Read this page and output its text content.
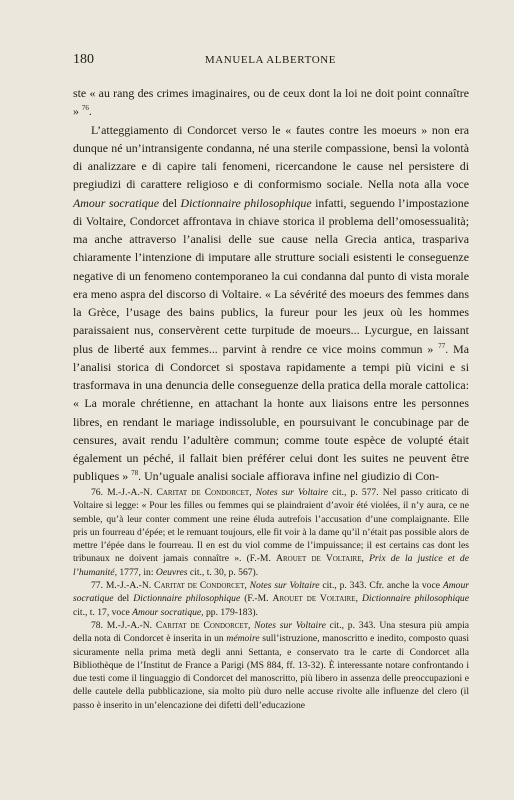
180	MANUELA ALBERTONE

ste « au rang des crimes imaginaires, ou de ceux dont la loi ne doit point connaître » $^{76}$.

L’atteggiamento di Condorcet verso le « fautes contre les moeurs » non era dunque né un’intransigente condanna, né una sterile compassione, bensì la volontà di analizzare e di capire tali fenomeni, ricercandone le cause nel persistere di pregiudizi di carattere religioso e di conformismo sociale. Nella nota alla voce Amour socratique del Dictionnaire philosophique infatti, seguendo l’impostazione di Voltaire, Condorcet affrontava in chiave storica il problema dell’omosessualità; ma anche attraverso l’analisi delle sue cause nella Grecia antica, traspariva chiaramente l’intenzione di imputare alle strutture sociali esistenti le conseguenze negative di un fenomeno contemporaneo la cui condanna dal punto di vista morale era meno aspra del discorso di Voltaire. « La sévérité des moeurs des femmes dans la Grèce, l’usage des bains publics, la fureur pour les jeux où les hommes paraissaient nus, conservèrent cette turpitude de moeurs... Lycurgue, en laissant plus de liberté aux femmes... parvint à rendre ce vice moins commun » $^{77}$. Ma l’analisi storica di Condorcet si spostava rapidamente a tempi più vicini e si trasformava in una denuncia delle conseguenze della pratica della morale cattolica: « La morale chrétienne, en attachant la honte aux liaisons entre les personnes libres, en rendant le mariage indissoluble, en poursuivant le concubinage par de censures, avait rendu l’adultère commun; comme toute espèce de volupté était également un péché, il fallait bien préférer celui dont les suites ne peuvent être publiques » $^{78}$. Un’uguale analisi sociale affiorava infine nel giudizio di Con-

76. M.-J.-A.-N. Caritat de Condorcet, Notes sur Voltaire cit., p. 577. Nel passo criticato di Voltaire si legge: « Pour les filles ou femmes qui se plaindraient d’avoir été violées, il n’y aura, ce ne semble, qu’à leur conter comment une reine éluda autrefois l’accusation d’une complaignante. Elle pris un fourreau d’épée; et le remuant toujours, elle fit voir à la dame qu’il n’était pas possible alors de mettre l’épée dans le fourreau. Il en est du viol comme de l’impuissance; il est certains cas dont les tribunaux ne doivent jamais connaître ». (F.-M. Arouet de Voltaire, Prix de la justice et de l’humanité, 1777, in: Oeuvres cit., t. 30, p. 567).

77. M.-J.-A.-N. Caritat de Condorcet, Notes sur Voltaire cit., p. 343. Cfr. anche la voce Amour socratique del Dictionnaire philosophique (F.-M. Arouet de Voltaire, Dictionnaire philosophique cit., t. 17, voce Amour socratique, pp. 179-183).

78. M.-J.-A.-N. Caritat de Condorcet, Notes sur Voltaire cit., p. 343. Una stesura più ampia della nota di Condorcet è inserita in un mémoire sull’istruzione, manoscritto e inedito, composto quasi sicuramente nella prima metà degli anni Settanta, e conservato tra le carte di Condorcet alla Bibliothèque de l’Institut de France a Parigi (MS 884, ff. 13-32). È interessante notare confrontando i due testi come il linguaggio di Condorcet del manoscritto, più libero in assenza delle preoccupazioni e delle cautele della pubblicazione, sia molto più duro nelle accuse rivolte alle influenze del clero (il passo è inserito in un’elencazione dei difetti dell’educazione
